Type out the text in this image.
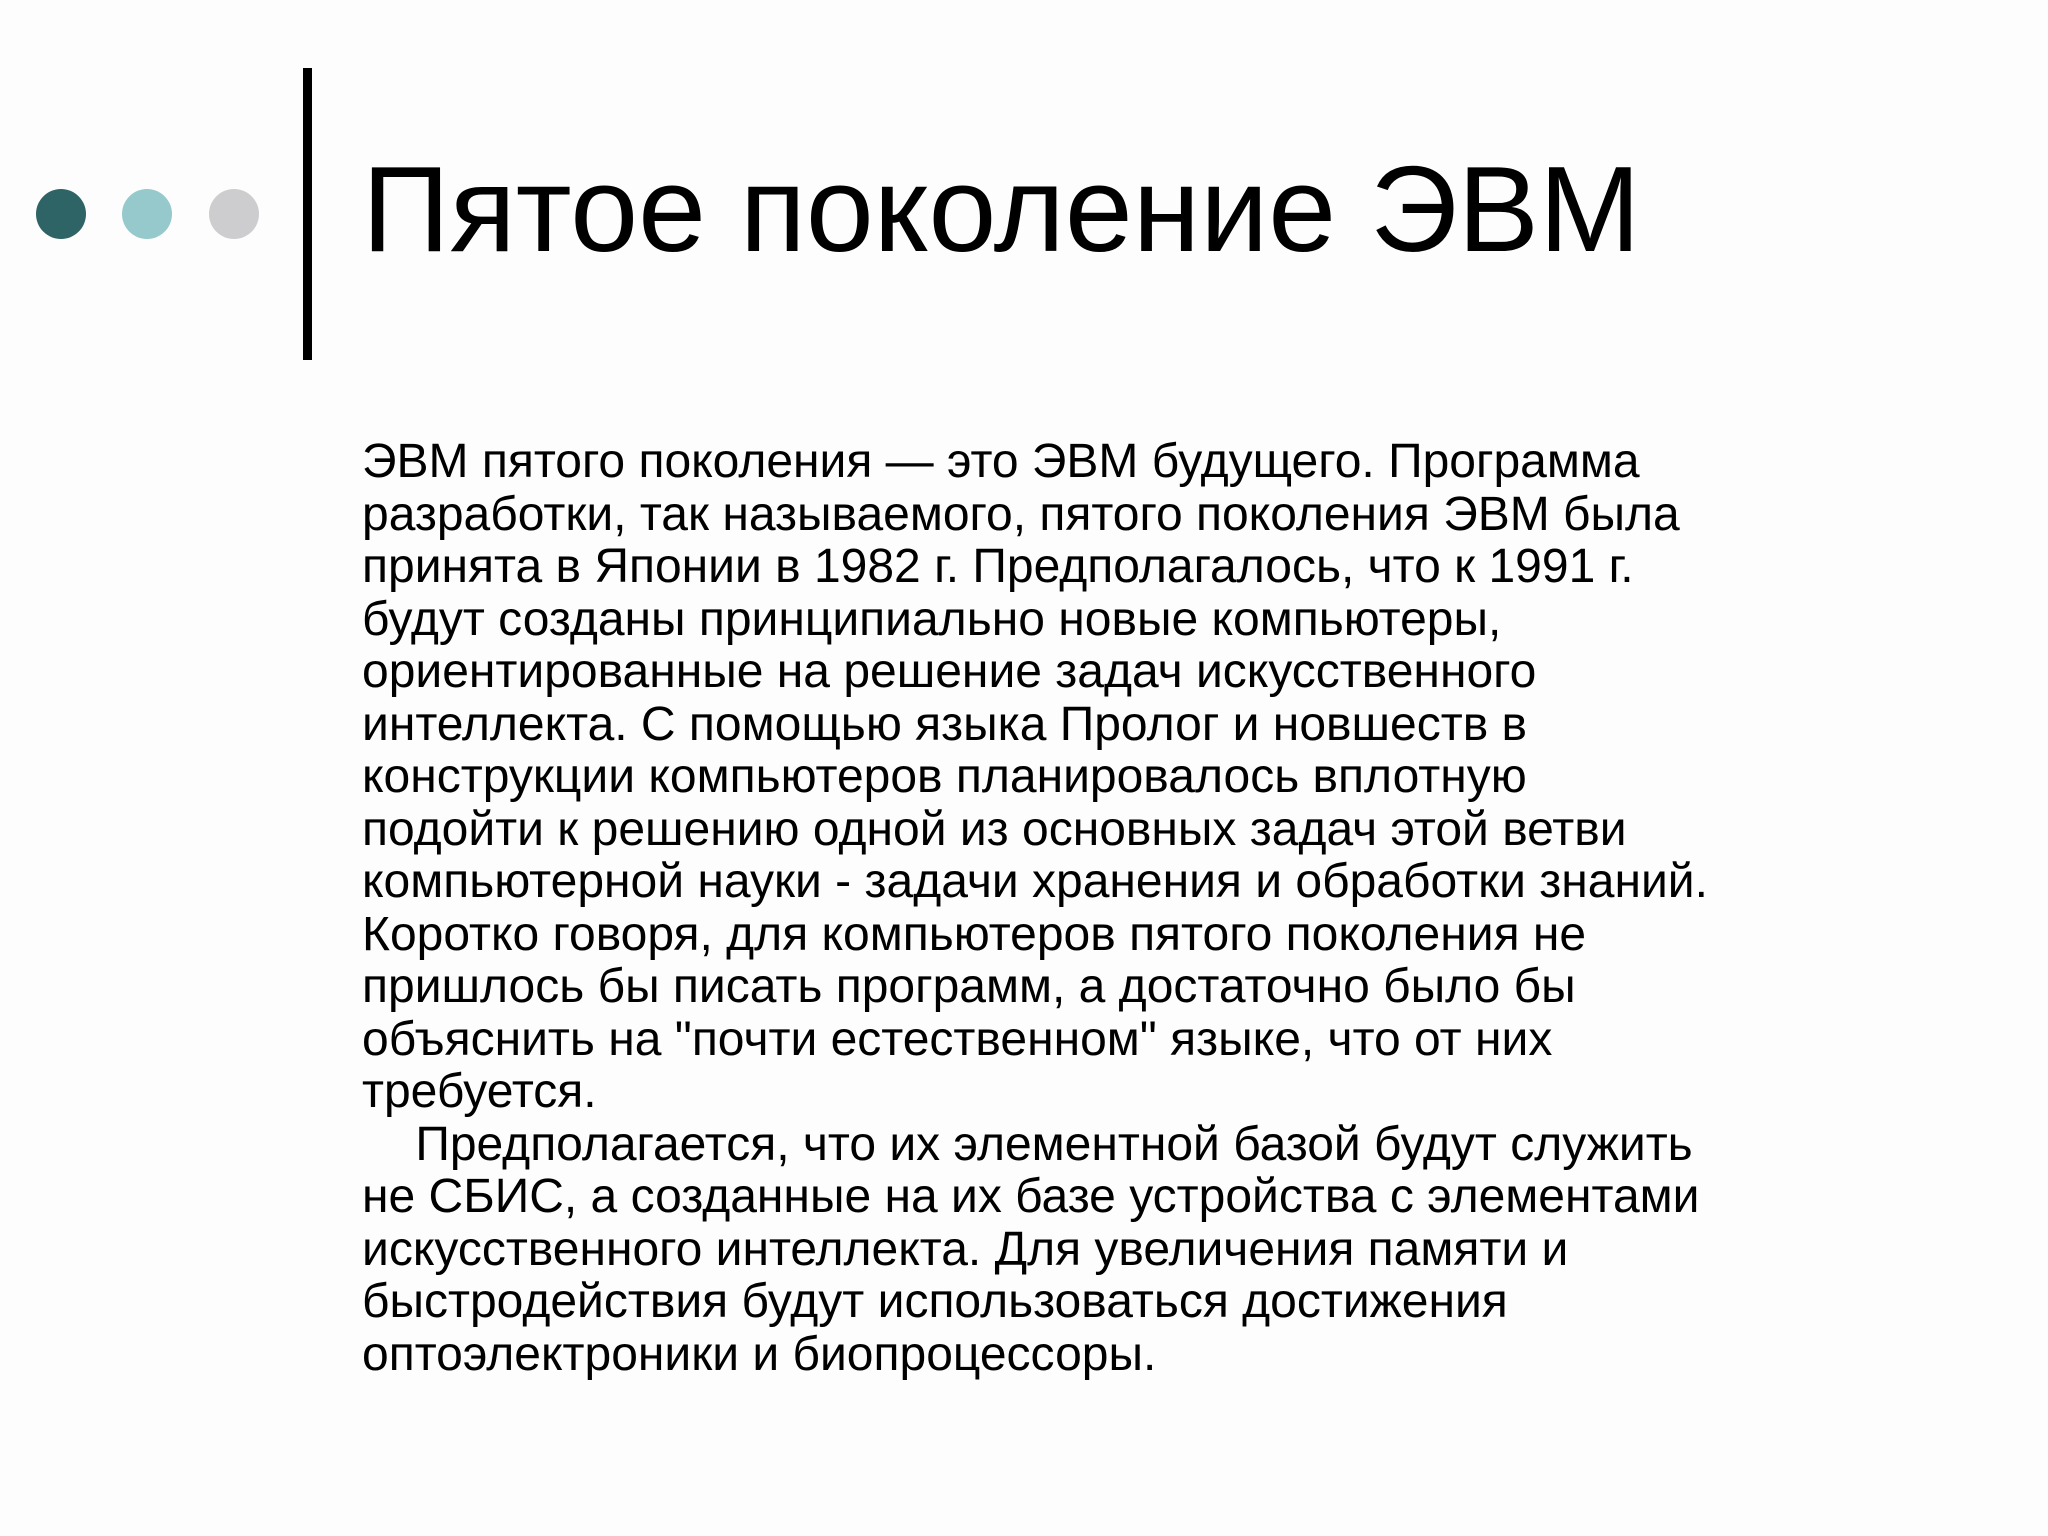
Пятое поколение ЭВМ

ЭВМ пятого поколения — это ЭВМ будущего. Программа
разработки, так называемого, пятого поколения ЭВМ была
принята в Японии в 1982 г. Предполагалось, что к 1991 г.
будут созданы принципиально новые компьютеры,
ориентированные на решение задач искусственного
интеллекта. С помощью языка Пролог и новшеств в
конструкции компьютеров планировалось вплотную
подойти к решению одной из основных задач этой ветви
компьютерной науки - задачи хранения и обработки знаний.
Коротко говоря, для компьютеров пятого поколения не
пришлось бы писать программ, а достаточно было бы
объяснить на "почти естественном" языке, что от них
требуется.

Предполагается, что их элементной базой будут служить
не СБИС, а созданные на их базе устройства с элементами
искусственного интеллекта. Для увеличения памяти и
быстродействия будут использоваться достижения
оптоэлектроники и биопроцессоры.
